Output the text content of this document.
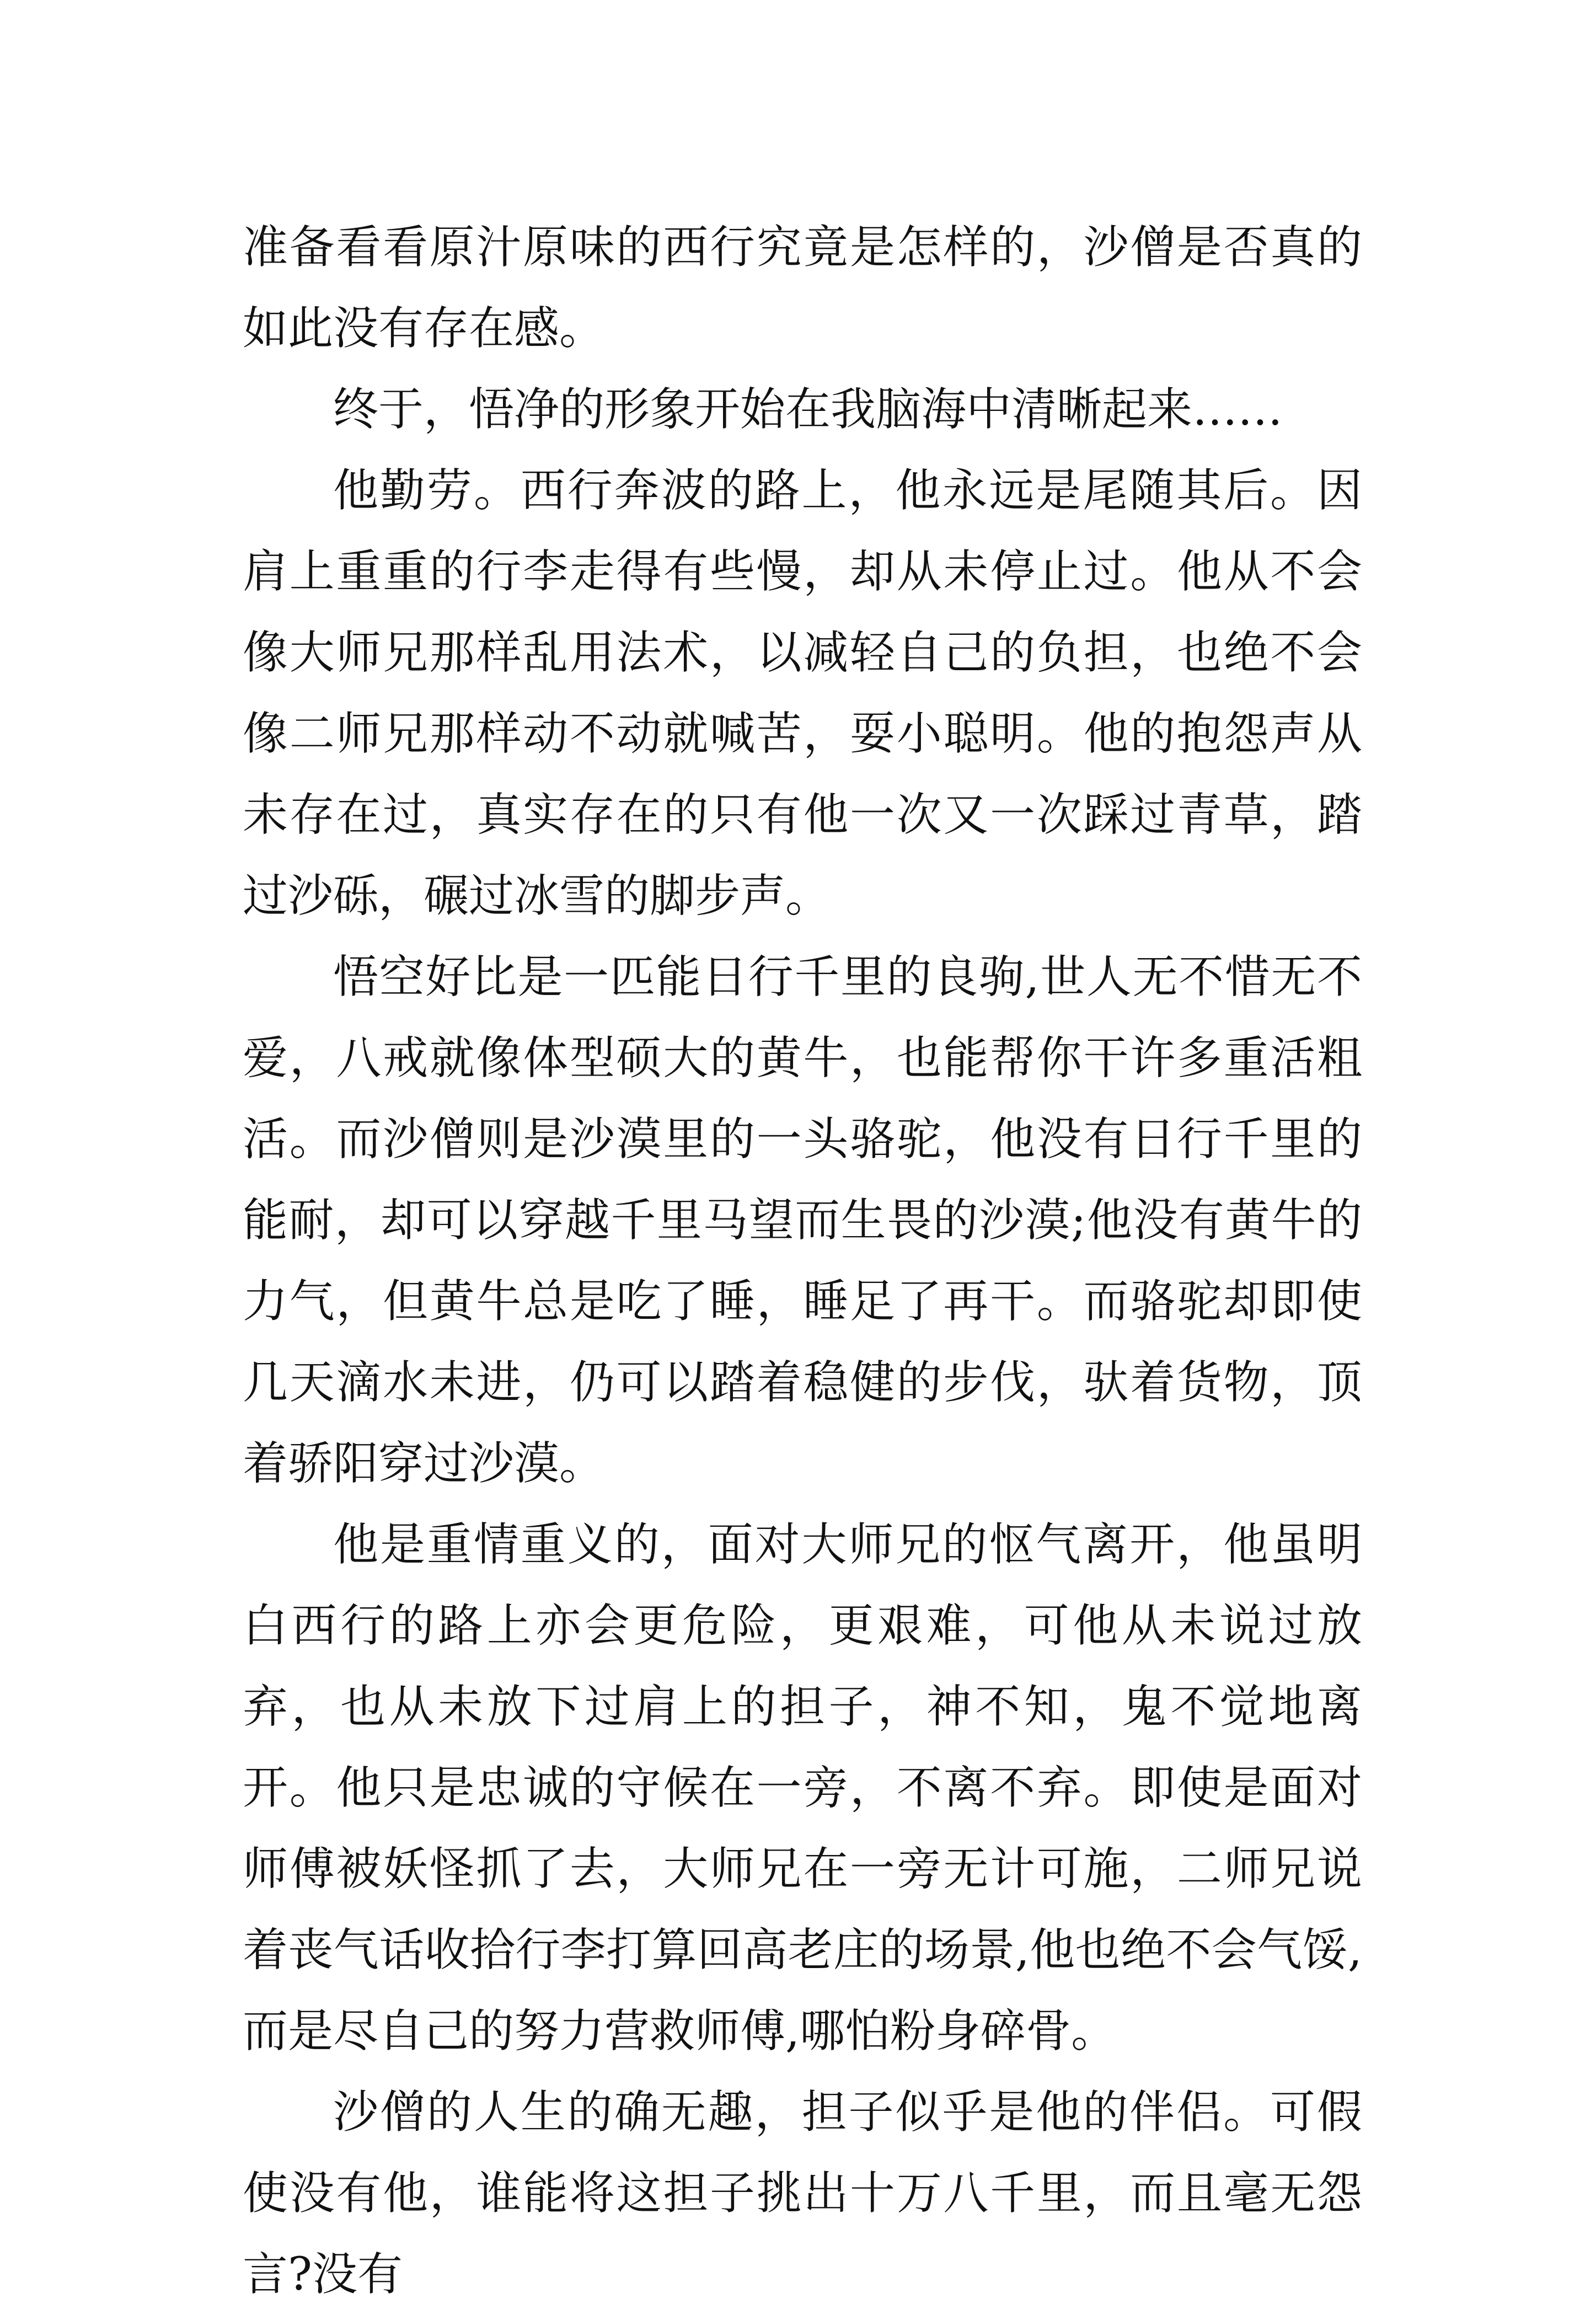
准备看看原汁原味的西行究竟是怎样的，沙僧是否真的如此没有存在感。

终于，悟净的形象开始在我脑海中清晰起来……

他勤劳。西行奔波的路上，他永远是尾随其后。因肩上重重的行李走得有些慢，却从未停止过。他从不会像大师兄那样乱用法术，以减轻自己的负担，也绝不会像二师兄那样动不动就喊苦，耍小聪明。他的抱怨声从未存在过，真实存在的只有他一次又一次踩过青草，踏过沙砾，碾过冰雪的脚步声。

悟空好比是一匹能日行千里的良驹,世人无不惜无不爱，八戒就像体型硕大的黄牛，也能帮你干许多重活粗活。而沙僧则是沙漠里的一头骆驼，他没有日行千里的能耐，却可以穿越千里马望而生畏的沙漠;他没有黄牛的力气，但黄牛总是吃了睡，睡足了再干。而骆驼却即使几天滴水未进，仍可以踏着稳健的步伐，驮着货物，顶着骄阳穿过沙漠。

他是重情重义的，面对大师兄的怄气离开，他虽明白西行的路上亦会更危险，更艰难，可他从未说过放弃，也从未放下过肩上的担子，神不知，鬼不觉地离开。他只是忠诚的守候在一旁，不离不弃。即使是面对师傅被妖怪抓了去，大师兄在一旁无计可施，二师兄说着丧气话收拾行李打算回高老庄的场景,他也绝不会气馁,而是尽自己的努力营救师傅,哪怕粉身碎骨。

沙僧的人生的确无趣，担子似乎是他的伴侣。可假使没有他，谁能将这担子挑出十万八千里，而且毫无怨言?没有
